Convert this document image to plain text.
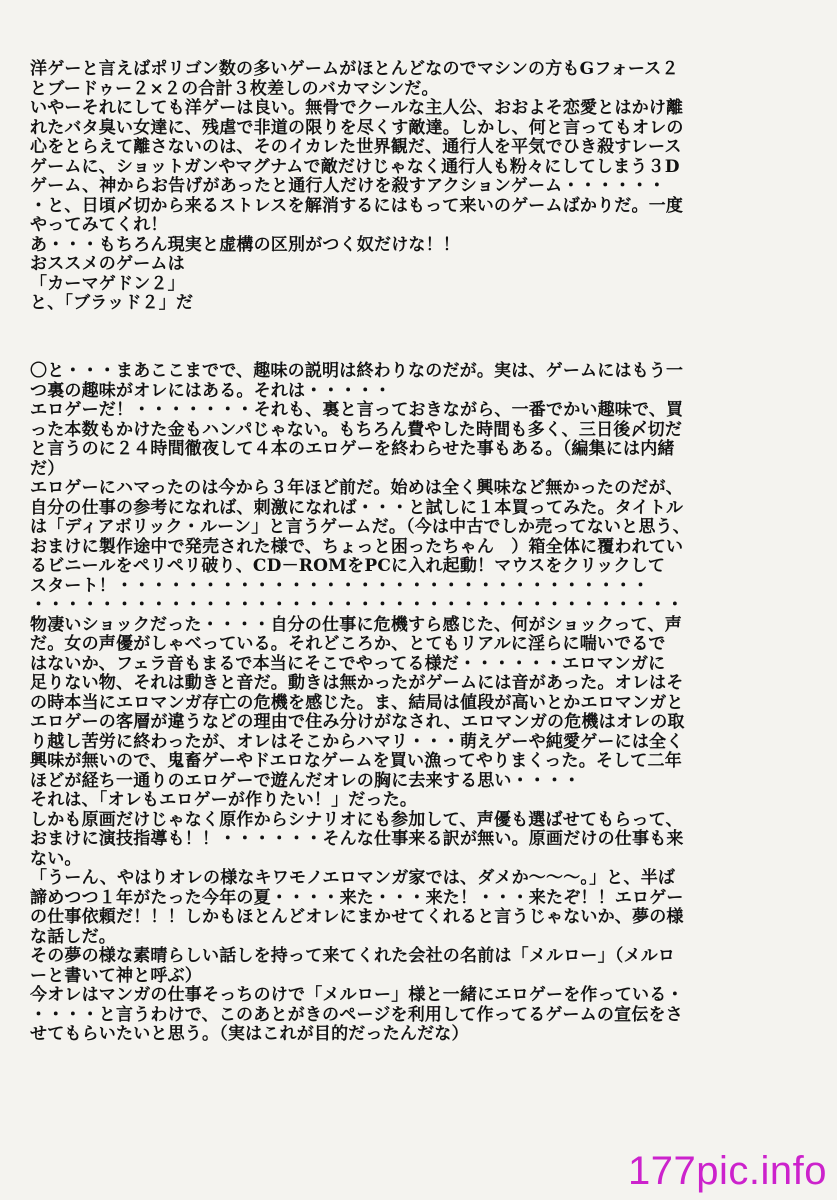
洋ゲーと言えばポリゴン数の多いゲームがほとんどなのでマシンの方もGフォース２

とブードゥー２×２の合計３枚差しのバカマシンだ。

いやーそれにしても洋ゲーは良い。無骨でクールな主人公、おおよそ恋愛とはかけ離

れたバタ臭い女達に、残虐で非道の限りを尽くす敵達。しかし、何と言ってもオレの

心をとらえて離さないのは、そのイカレた世界観だ、通行人を平気でひき殺すレース

ゲームに、ショットガンやマグナムで敵だけじゃなく通行人も粉々にしてしまう３D

ゲーム、神からお告げがあったと通行人だけを殺すアクションゲーム・・・・・・

・と、日頃〆切から来るストレスを解消するにはもって来いのゲームばかりだ。一度

やってみてくれ！

あ・・・もちろん現実と虚構の区別がつく奴だけな！！

おススメのゲームは

「カーマゲドン２」

と、「ブラッド２」だ

〇と・・・まあここまでで、趣味の説明は終わりなのだが。実は、ゲームにはもう一

つ裏の趣味がオレにはある。それは・・・・・

エロゲーだ！・・・・・・・それも、裏と言っておきながら、一番でかい趣味で、買

った本数もかけた金もハンパじゃない。もちろん費やした時間も多く、三日後〆切だ

と言うのに２４時間徹夜して４本のエロゲーを終わらせた事もある。（編集には内緒

だ）

エロゲーにハマったのは今から３年ほど前だ。始めは全く興味など無かったのだが、

自分の仕事の参考になれば、刺激になれば・・・と試しに１本買ってみた。タイトル

は「ディアボリック・ルーン」と言うゲームだ。（今は中古でしか売ってないと思う、

おまけに製作途中で発売された様で、ちょっと困ったちゃん　）箱全体に覆われてい

るビニールをペリペリ破り、CD－ROMをPCに入れ起動！マウスをクリックして

スタート！・・・・・・・・・・・・・・・・・・・・・・・・・・・・・・・

・・・・・・・・・・・・・・・・・・・・・・・・・・・・・・・・・・・・・・

物凄いショックだった・・・・自分の仕事に危機すら感じた、何がショックって、声

だ。女の声優がしゃべっている。それどころか、とてもリアルに淫らに喘いでるで

はないか、フェラ音もまるで本当にそこでやってる様だ・・・・・・エロマンガに

足りない物、それは動きと音だ。動きは無かったがゲームには音があった。オレはそ

の時本当にエロマンガ存亡の危機を感じた。ま、結局は値段が高いとかエロマンガと

エロゲーの客層が違うなどの理由で住み分けがなされ、エロマンガの危機はオレの取

り越し苦労に終わったが、オレはそこからハマリ・・・萌えゲーや純愛ゲーには全く

興味が無いので、鬼畜ゲーやドエロなゲームを買い漁ってやりまくった。そして二年

ほどが経ち一通りのエロゲーで遊んだオレの胸に去来する思い・・・・

それは、「オレもエロゲーが作りたい！」だった。

しかも原画だけじゃなく原作からシナリオにも参加して、声優も選ばせてもらって、

おまけに演技指導も！！・・・・・・そんな仕事来る訳が無い。原画だけの仕事も来

ない。

「うーん、やはりオレの様なキワモノエロマンガ家では、ダメか～～～。」と、半ば

諦めつつ１年がたった今年の夏・・・・来た・・・来た！・・・来たぞ！！エロゲー

の仕事依頼だ！！！しかもほとんどオレにまかせてくれると言うじゃないか、夢の様

な話しだ。

その夢の様な素晴らしい話しを持って来てくれた会社の名前は「メルロー」（メルロ

ーと書いて神と呼ぶ）

今オレはマンガの仕事そっちのけで「メルロー」様と一緒にエロゲーを作っている・

・・・・と言うわけで、このあとがきのページを利用して作ってるゲームの宣伝をさ

せてもらいたいと思う。（実はこれが目的だったんだな）

177pic.info
